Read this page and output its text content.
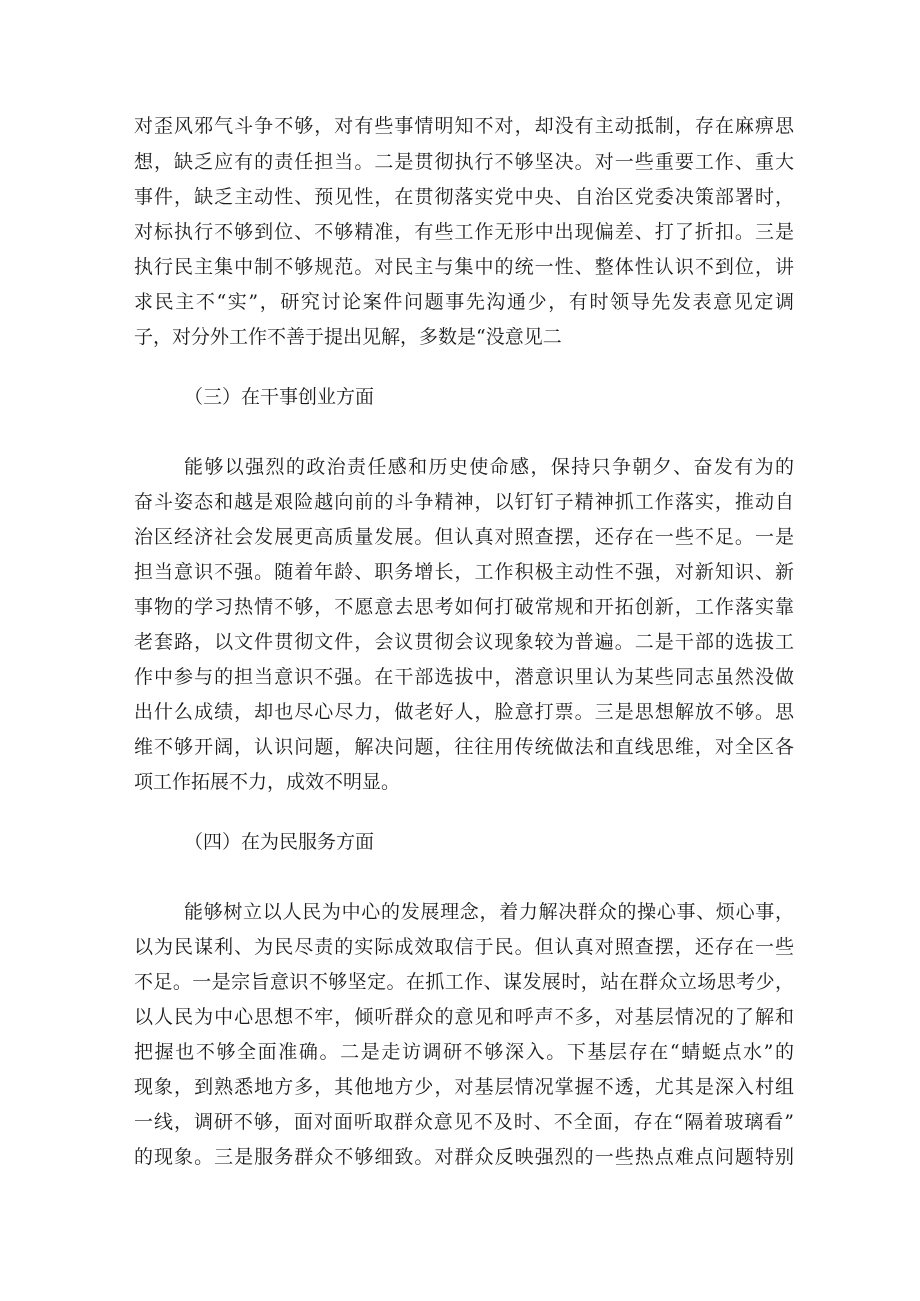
对歪风邪气斗争不够，对有些事情明知不对，却没有主动抵制，存在麻痹思
想，缺乏应有的责任担当。二是贯彻执行不够坚决。对一些重要工作、重大
事件，缺乏主动性、预见性，在贯彻落实党中央、自治区党委决策部署时，
对标执行不够到位、不够精准，有些工作无形中出现偏差、打了折扣。三是
执行民主集中制不够规范。对民主与集中的统一性、整体性认识不到位，讲
求民主不“实”，研究讨论案件问题事先沟通少，有时领导先发表意见定调
子，对分外工作不善于提出见解，多数是“没意见二
（三）在干事创业方面
能够以强烈的政治责任感和历史使命感，保持只争朝夕、奋发有为的
奋斗姿态和越是艰险越向前的斗争精神，以钉钉子精神抓工作落实，推动自
治区经济社会发展更高质量发展。但认真对照查摆，还存在一些不足。一是
担当意识不强。随着年龄、职务增长，工作积极主动性不强，对新知识、新
事物的学习热情不够，不愿意去思考如何打破常规和开拓创新，工作落实靠
老套路，以文件贯彻文件，会议贯彻会议现象较为普遍。二是干部的选拔工
作中参与的担当意识不强。在干部选拔中，潜意识里认为某些同志虽然没做
出什么成绩，却也尽心尽力，做老好人，脸意打票。三是思想解放不够。思
维不够开阔，认识问题，解决问题，往往用传统做法和直线思维，对全区各
项工作拓展不力，成效不明显。
（四）在为民服务方面
能够树立以人民为中心的发展理念，着力解决群众的操心事、烦心事，
以为民谋利、为民尽责的实际成效取信于民。但认真对照查摆，还存在一些
不足。一是宗旨意识不够坚定。在抓工作、谋发展时，站在群众立场思考少，
以人民为中心思想不牢，倾听群众的意见和呼声不多，对基层情况的了解和
把握也不够全面准确。二是走访调研不够深入。下基层存在“蜻蜓点水”的
现象，到熟悉地方多，其他地方少，对基层情况掌握不透，尤其是深入村组
一线，调研不够，面对面听取群众意见不及时、不全面，存在“隔着玻璃看”
的现象。三是服务群众不够细致。对群众反映强烈的一些热点难点问题特别
